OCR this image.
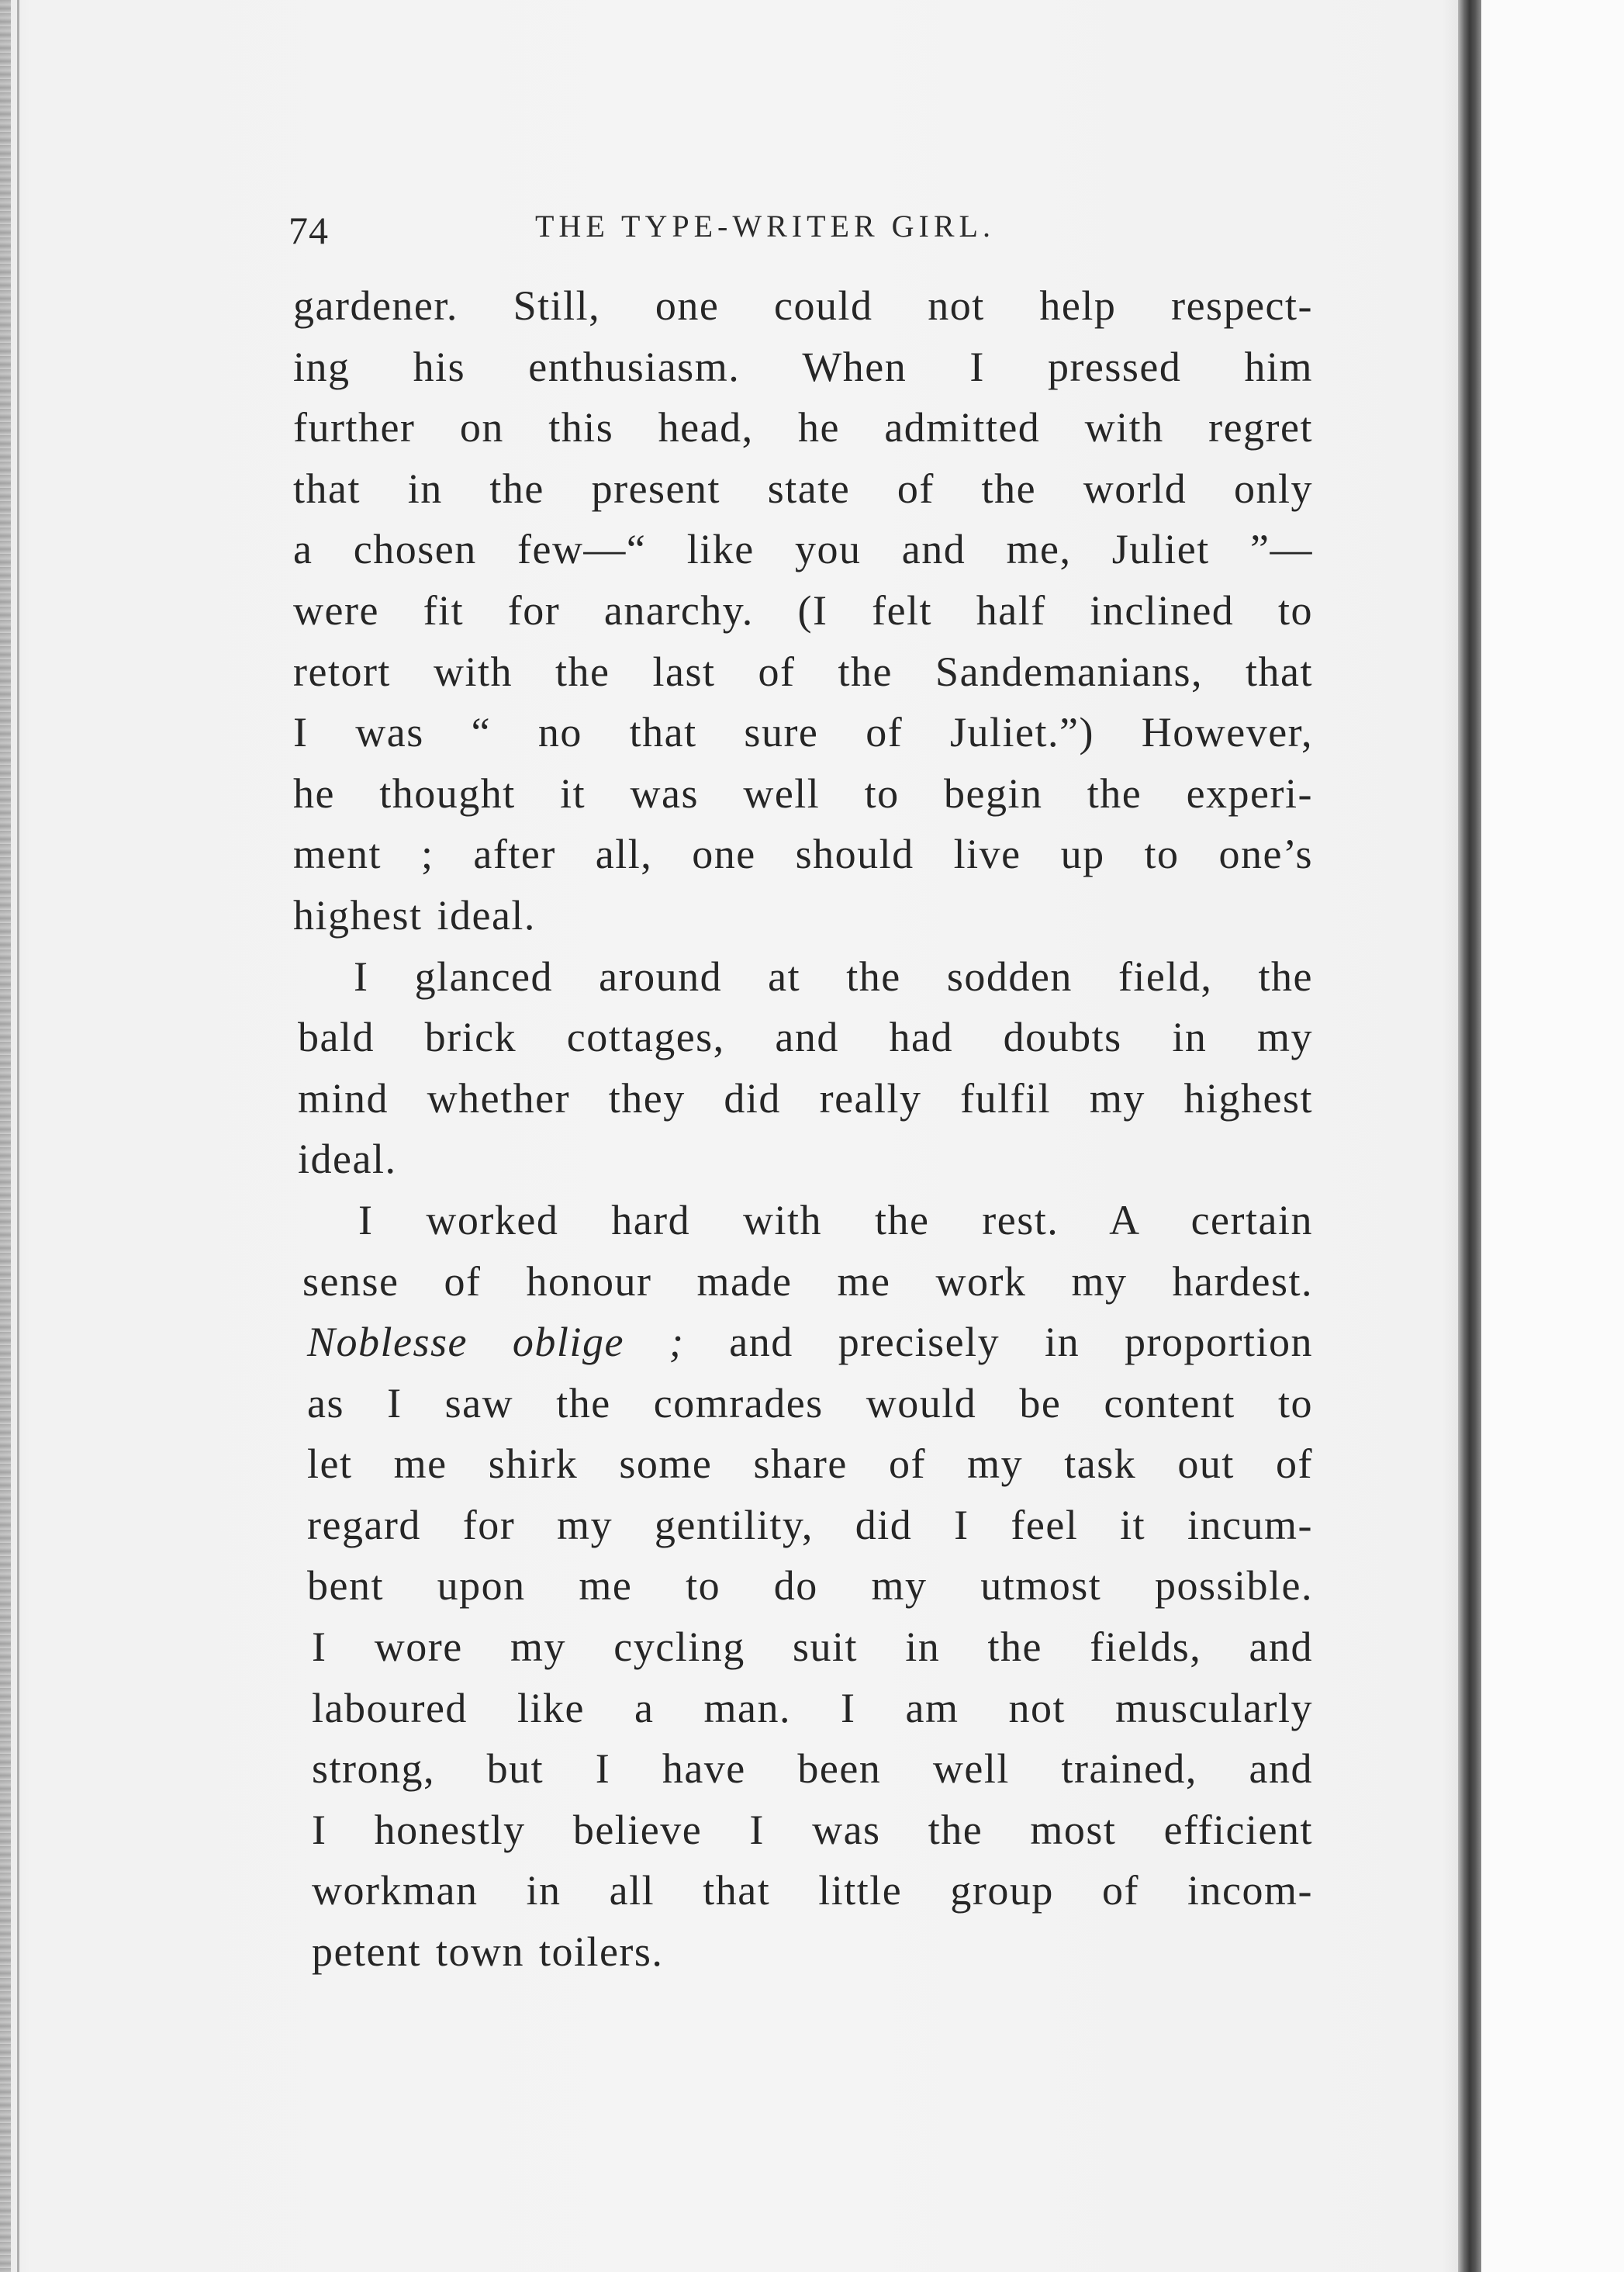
74	THE TYPE-WRITER GIRL.
gardener. Still, one could not help respect-
ing his enthusiasm. When I pressed him
further on this head, he admitted with regret
that in the present state of the world only
a chosen few—“ like you and me, Juliet ”—
were fit for anarchy. (I felt half inclined to
retort with the last of the Sandemanians, that
I was “ no that sure of Juliet.”) However,
he thought it was well to begin the experi-
ment ; after all, one should live up to one’s
highest ideal.
I glanced around at the sodden field, the
bald brick cottages, and had doubts in my
mind whether they did really fulfil my highest
ideal.
I worked hard with the rest. A certain
sense of honour made me work my hardest.
Noblesse oblige ; and precisely in proportion
as I saw the comrades would be content to
let me shirk some share of my task out of
regard for my gentility, did I feel it incum-
bent upon me to do my utmost possible.
I wore my cycling suit in the fields, and
laboured like a man. I am not muscularly
strong, but I have been well trained, and
I honestly believe I was the most efficient
workman in all that little group of incom-
petent town toilers.
